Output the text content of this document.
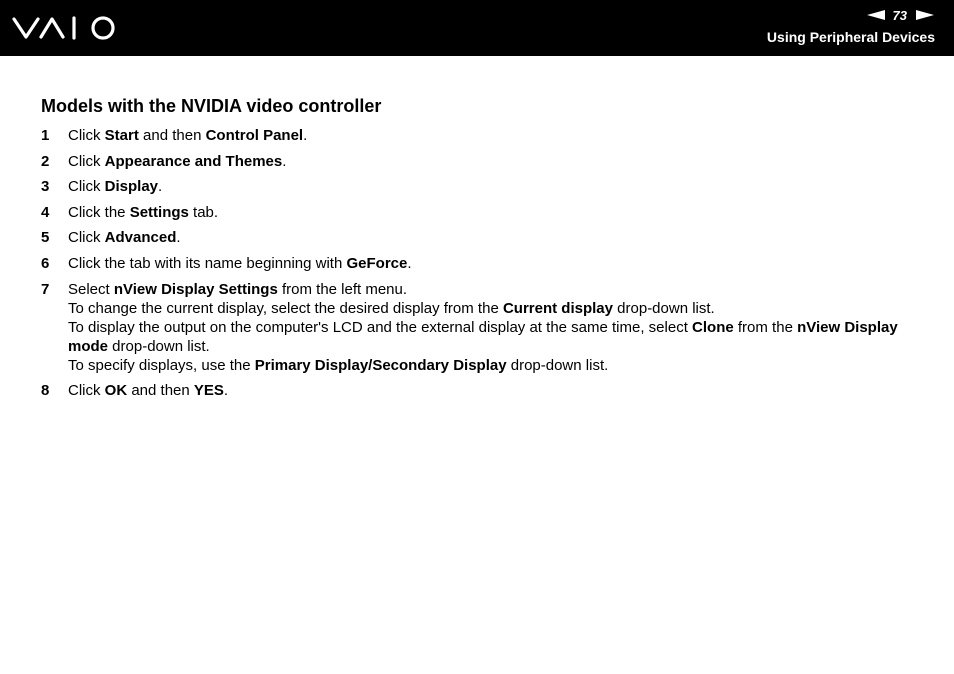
73
Using Peripheral Devices
Models with the NVIDIA video controller
1 Click Start and then Control Panel.
2 Click Appearance and Themes.
3 Click Display.
4 Click the Settings tab.
5 Click Advanced.
6 Click the tab with its name beginning with GeForce.
7 Select nView Display Settings from the left menu.
To change the current display, select the desired display from the Current display drop-down list.
To display the output on the computer's LCD and the external display at the same time, select Clone from the nView Display mode drop-down list.
To specify displays, use the Primary Display/Secondary Display drop-down list.
8 Click OK and then YES.
